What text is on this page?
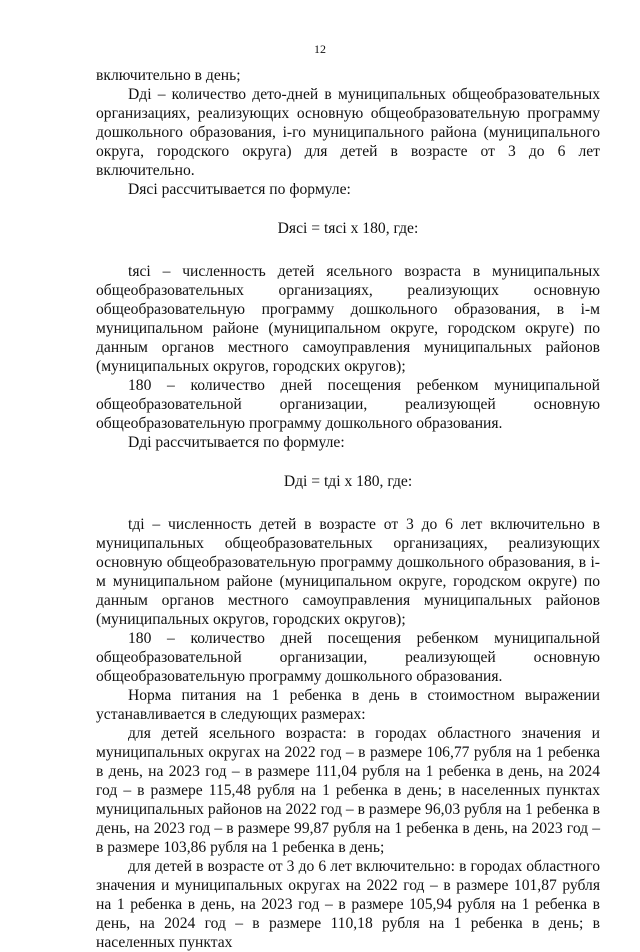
12

включительно в день;

Dдi – количество дето-дней в муниципальных общеобразовательных организациях, реализующих основную общеобразовательную программу дошкольного образования, i-го муниципального района (муниципального округа, городского округа) для детей в возрасте от 3 до 6 лет включительно.

Dясi рассчитывается по формуле:

Dясi = tясi x 180, где:

tясi – численность детей ясельного возраста в муниципальных общеобразовательных организациях, реализующих основную общеобразовательную программу дошкольного образования, в i-м муниципальном районе (муниципальном округе, городском округе) по данным органов местного самоуправления муниципальных районов (муниципальных округов, городских округов);

180 – количество дней посещения ребенком муниципальной общеобразовательной организации, реализующей основную общеобразовательную программу дошкольного образования.

Dдi рассчитывается по формуле:

Dдi = tдi x 180, где:

tдi – численность детей в возрасте от 3 до 6 лет включительно в муниципальных общеобразовательных организациях, реализующих основную общеобразовательную программу дошкольного образования, в i-м муниципальном районе (муниципальном округе, городском округе) по данным органов местного самоуправления муниципальных районов (муниципальных округов, городских округов);

180 – количество дней посещения ребенком муниципальной общеобразовательной организации, реализующей основную общеобразовательную программу дошкольного образования.

Норма питания на 1 ребенка в день в стоимостном выражении устанавливается в следующих размерах:

для детей ясельного возраста: в городах областного значения и муниципальных округах на 2022 год – в размере 106,77 рубля на 1 ребенка в день, на 2023 год – в размере 111,04 рубля на 1 ребенка в день, на 2024 год – в размере 115,48 рубля на 1 ребенка в день; в населенных пунктах муниципальных районов на 2022 год – в размере 96,03 рубля на 1 ребенка в день, на 2023 год – в размере 99,87 рубля на 1 ребенка в день, на 2023 год – в размере 103,86 рубля на 1 ребенка в день;

для детей в возрасте от 3 до 6 лет включительно: в городах областного значения и муниципальных округах на 2022 год – в размере 101,87 рубля на 1 ребенка в день, на 2023 год – в размере 105,94 рубля на 1 ребенка в день, на 2024 год – в размере 110,18 рубля на 1 ребенка в день; в населенных пунктах
